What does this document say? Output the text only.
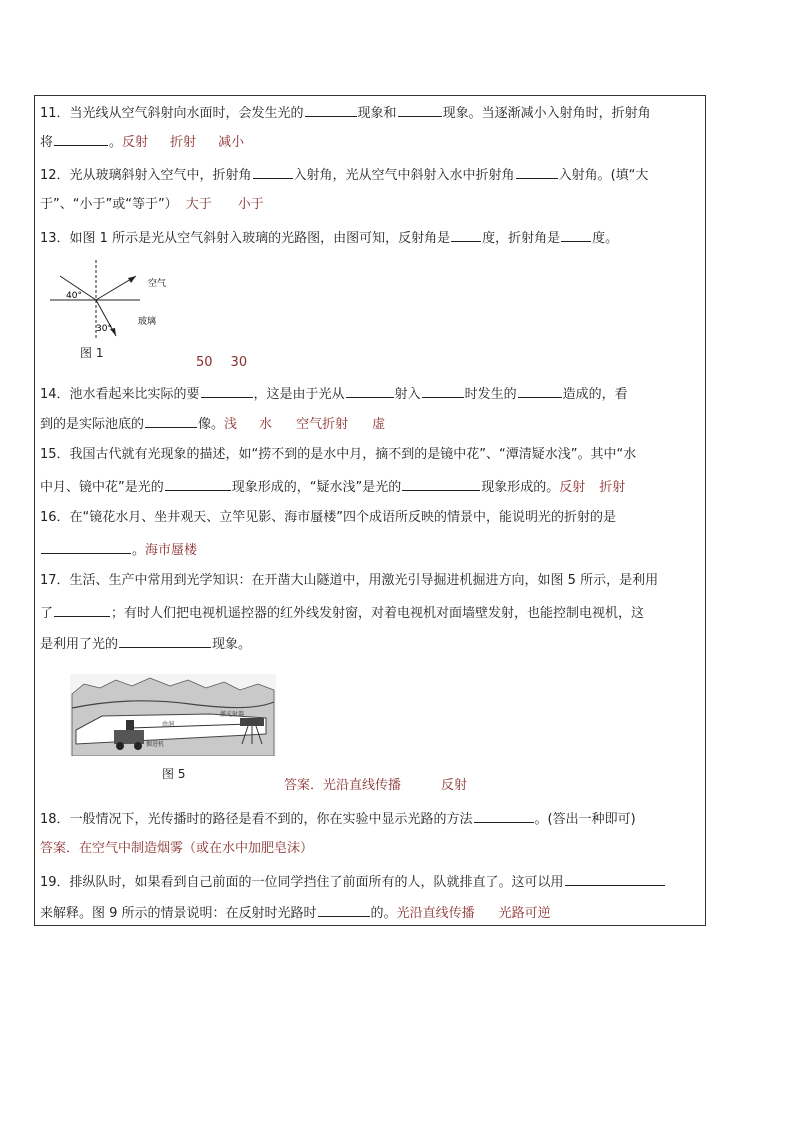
11．当光线从空气斜射向水面时，会发生光的	现象和	现象。当逐渐减小入射角时，折射角
将	。反射 折射 减小
12．光从玻璃斜射入空气中，折射角	入射角，光从空气中斜射入水中折射角	入射角。(填“大
于”、“小于”或“等于”） 大于 小于
13．如图 1 所示是光从空气斜射入玻璃的光路图，由图可知，反射角是 度，折射角是 度。
40°
30°
空气
玻璃
图 1
50 30
14．池水看起来比实际的要	，这是由于光从	射入	时发生的	造成的，看
到的是实际池底的	像。浅 水 空气折射 虚
15．我国古代就有光现象的描述，如“捞不到的是水中月，摘不到的是镜中花”、“潭清疑水浅”。其中“水
中月、镜中花”是光的	现象形成的，“疑水浅”是光的	现象形成的。反射 折射
16．在“镜花水月、坐井观天、立竿见影、海市蜃楼”四个成语所反映的情景中，能说明光的折射的是
。海市蜃楼
17．生活、生产中常用到光学知识：在开凿大山隧道中，用激光引导掘进机掘进方向，如图 5 所示，是利用
了	；有时人们把电视机遥控器的红外线发射窗，对着电视机对面墙壁发射，也能控制电视机，这
是利用了光的	现象。
由洞
激光射器
掘进机
图 5
答案．光沿直线传播	反射
18．一般情况下，光传播时的路径是看不到的，你在实验中显示光路的方法	。(答出一种即可)
答案．在空气中制造烟雾（或在水中加肥皂沫）
19．排纵队时，如果看到自己前面的一位同学挡住了前面所有的人，队就排直了。这可以用
来解释。图 9 所示的情景说明：在反射时光路时	的。光沿直线传播 光路可逆
